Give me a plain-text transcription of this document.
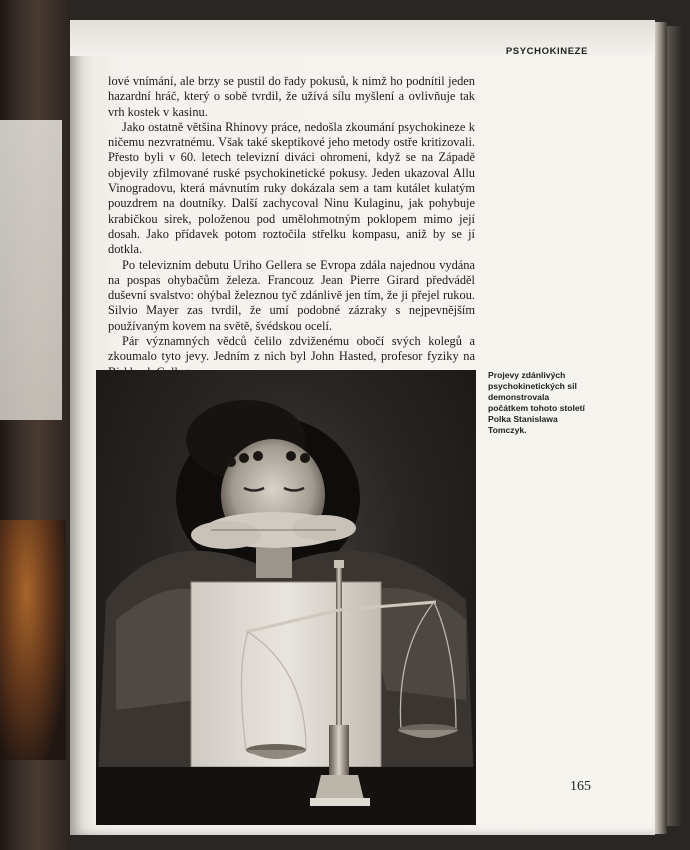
PSYCHOKINEZE

lové vnímání, ale brzy se pustil do řady pokusů, k nimž ho podnítil jeden hazardní hráč, který o sobě tvrdil, že užívá sílu myšlení a ovlivňuje tak vrh kostek v kasinu.

Jako ostatně většina Rhinovy práce, nedošla zkoumání psychokineze k ničemu nezvratnému. Však také skeptikové jeho metody ostře kritizovali. Přesto byli v 60. letech televizní diváci ohromeni, když se na Západě objevily zfilmované ruské psychokinetické pokusy. Jeden ukazoval Allu Vinogradovu, která mávnutím ruky dokázala sem a tam kutálet kulatým pouzdrem na doutníky. Další zachycoval Ninu Kulaginu, jak pohybuje krabičkou sirek, položenou pod umělohmotným poklopem mimo její dosah. Jako přídavek potom roztočila střelku kompasu, aniž by se jí dotkla.

Po televizním debutu Uriho Gellera se Evropa zdála najednou vydána na pospas ohybačům železa. Francouz Jean Pierre Girard předváděl duševní svalstvo: ohýbal železnou tyč zdánlivě jen tím, že ji přejel rukou. Silvio Mayer zas tvrdil, že umí podobné zázraky s nejpevnějším používaným kovem na světě, švédskou ocelí.

Pár významných vědců čelilo zdviženému obočí svých kolegů a zkoumalo tyto jevy. Jedním z nich byl John Hasted, profesor fyziky na

Projevy zdánlivých psychokinetických sil demonstrovala počátkem tohoto století Polka Stanislawa Tomczyk.
165
